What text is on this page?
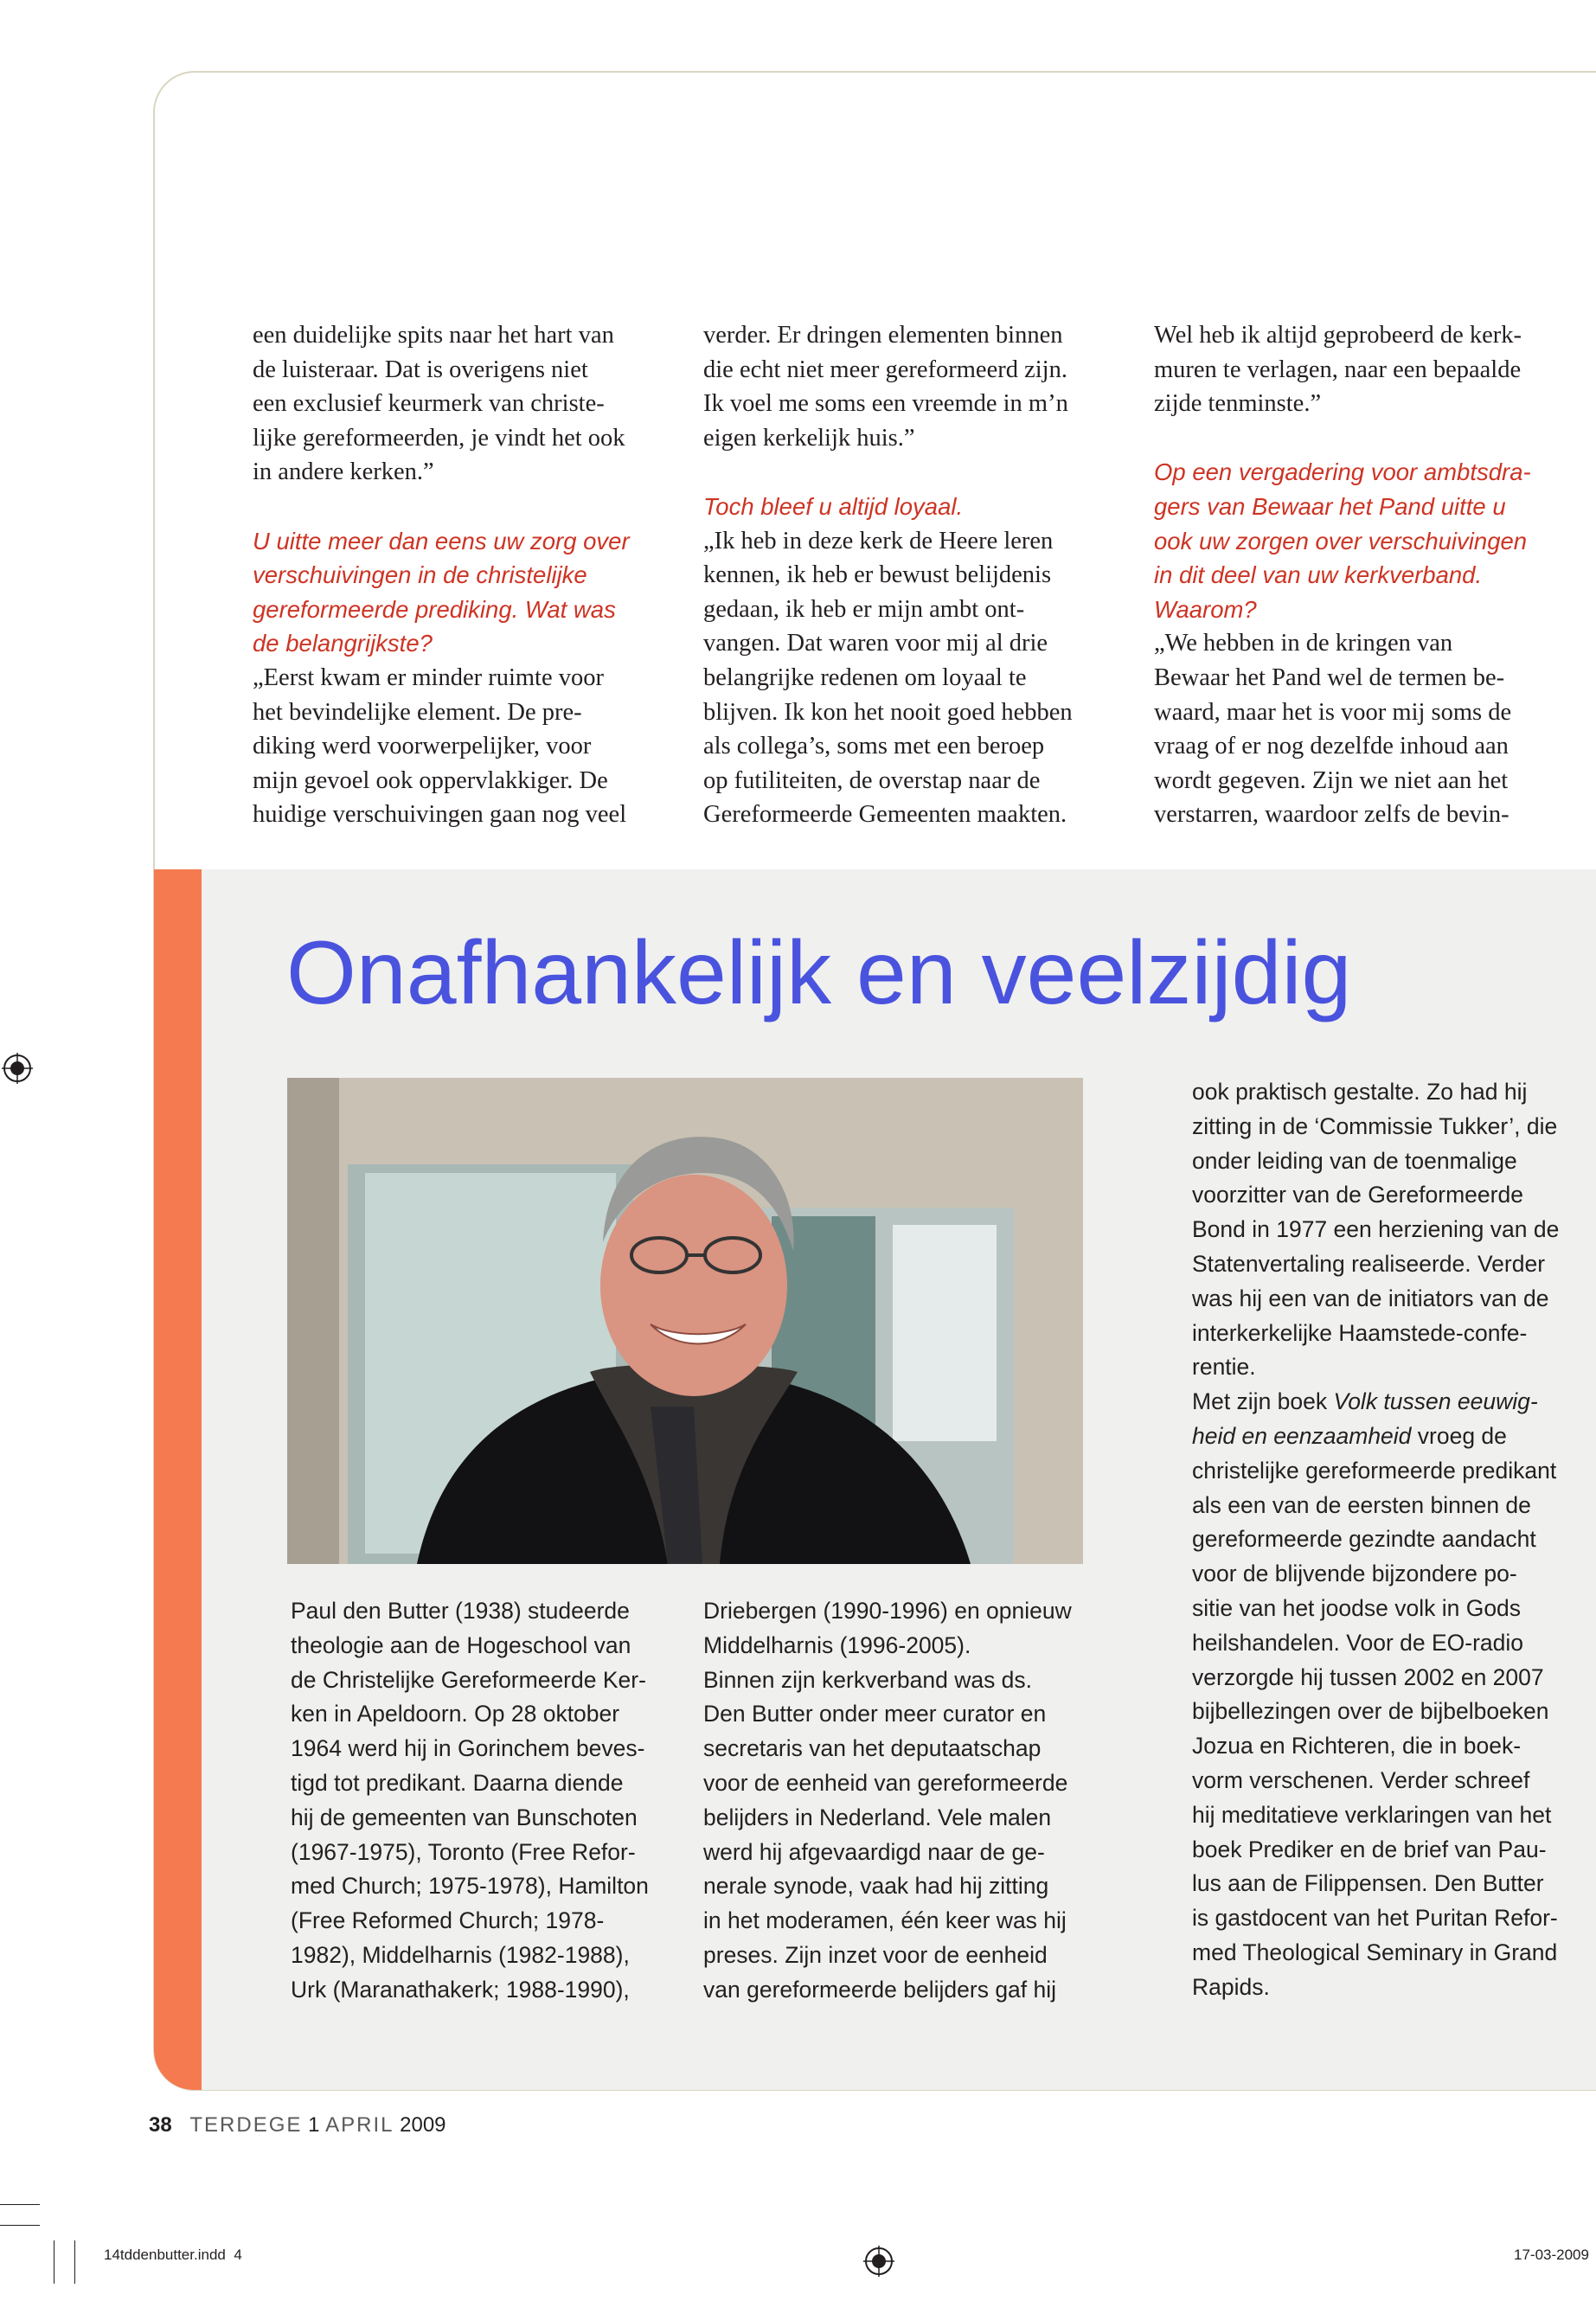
een duidelijke spits naar het hart van
de luisteraar. Dat is overigens niet
een exclusief keurmerk van christe-
lijke gereformeerden, je vindt het ook
in andere kerken.”

U uitte meer dan eens uw zorg over
verschuivingen in de christelijke
gereformeerde prediking. Wat was
de belangrijkste?

„Eerst kwam er minder ruimte voor
het bevindelijke element. De pre-
diking werd voorwerpelijker, voor
mijn gevoel ook oppervlakkiger. De
huidige verschuivingen gaan nog veel

verder. Er dringen elementen binnen
die echt niet meer gereformeerd zijn.
Ik voel me soms een vreemde in m’n
eigen kerkelijk huis.”

Toch bleef u altijd loyaal.

„Ik heb in deze kerk de Heere leren
kennen, ik heb er bewust belijdenis
gedaan, ik heb er mijn ambt ont-
vangen. Dat waren voor mij al drie
belangrijke redenen om loyaal te
blijven. Ik kon het nooit goed hebben
als collega’s, soms met een beroep
op futiliteiten, de overstap naar de
Gereformeerde Gemeenten maakten.

Wel heb ik altijd geprobeerd de kerk-
muren te verlagen, naar een bepaalde
zijde tenminste.”

Op een vergadering voor ambtsdra-
gers van Bewaar het Pand uitte u
ook uw zorgen over verschuivingen
in dit deel van uw kerkverband.
Waarom?

„We hebben in de kringen van
Bewaar het Pand wel de termen be-
waard, maar het is voor mij soms de
vraag of er nog dezelfde inhoud aan
wordt gegeven. Zijn we niet aan het
verstarren, waardoor zelfs de bevin-

Onafhankelijk en veelzijdig

Paul den Butter (1938) studeerde

theologie aan de Hogeschool van

de Christelijke Gereformeerde Ker-

ken in Apeldoorn. Op 28 oktober

1964 werd hij in Gorinchem beves-

tigd tot predikant. Daarna diende

hij de gemeenten van Bunschoten

(1967-1975), Toronto (Free Refor-

med Church; 1975-1978), Hamilton

(Free Reformed Church; 1978-

1982), Middelharnis (1982-1988),

Urk (Maranathakerk; 1988-1990),

Driebergen (1990-1996) en opnieuw

Middelharnis (1996-2005).

Binnen zijn kerkverband was ds.

Den Butter onder meer curator en

secretaris van het deputaatschap

voor de eenheid van gereformeerde

belijders in Nederland. Vele malen

werd hij afgevaardigd naar de ge-

nerale synode, vaak had hij zitting

in het moderamen, één keer was hij

preses. Zijn inzet voor de eenheid

van gereformeerde belijders gaf hij

ook praktisch gestalte. Zo had hij

zitting in de ‘Commissie Tukker’, die

onder leiding van de toenmalige

voorzitter van de Gereformeerde

Bond in 1977 een herziening van de

Statenvertaling realiseerde. Verder

was hij een van de initiators van de

interkerkelijke Haamstede-confe-

rentie.

Met zijn boek Volk tussen eeuwig-

heid en eenzaamheid vroeg de

christelijke gereformeerde predikant

als een van de eersten binnen de

gereformeerde gezindte aandacht

voor de blijvende bijzondere po-

sitie van het joodse volk in Gods

heilshandelen. Voor de EO-radio

verzorgde hij tussen 2002 en 2007

bijbellezingen over de bijbelboeken

Jozua en Richteren, die in boek-

vorm verschenen. Verder schreef

hij meditatieve verklaringen van het

boek Prediker en de brief van Pau-

lus aan de Filippensen. Den Butter

is gastdocent van het Puritan Refor-

med Theological Seminary in Grand

Rapids.

38 TERDEGE 1 APRIL 2009
14tddenbutter.indd 4	17-03-2009
